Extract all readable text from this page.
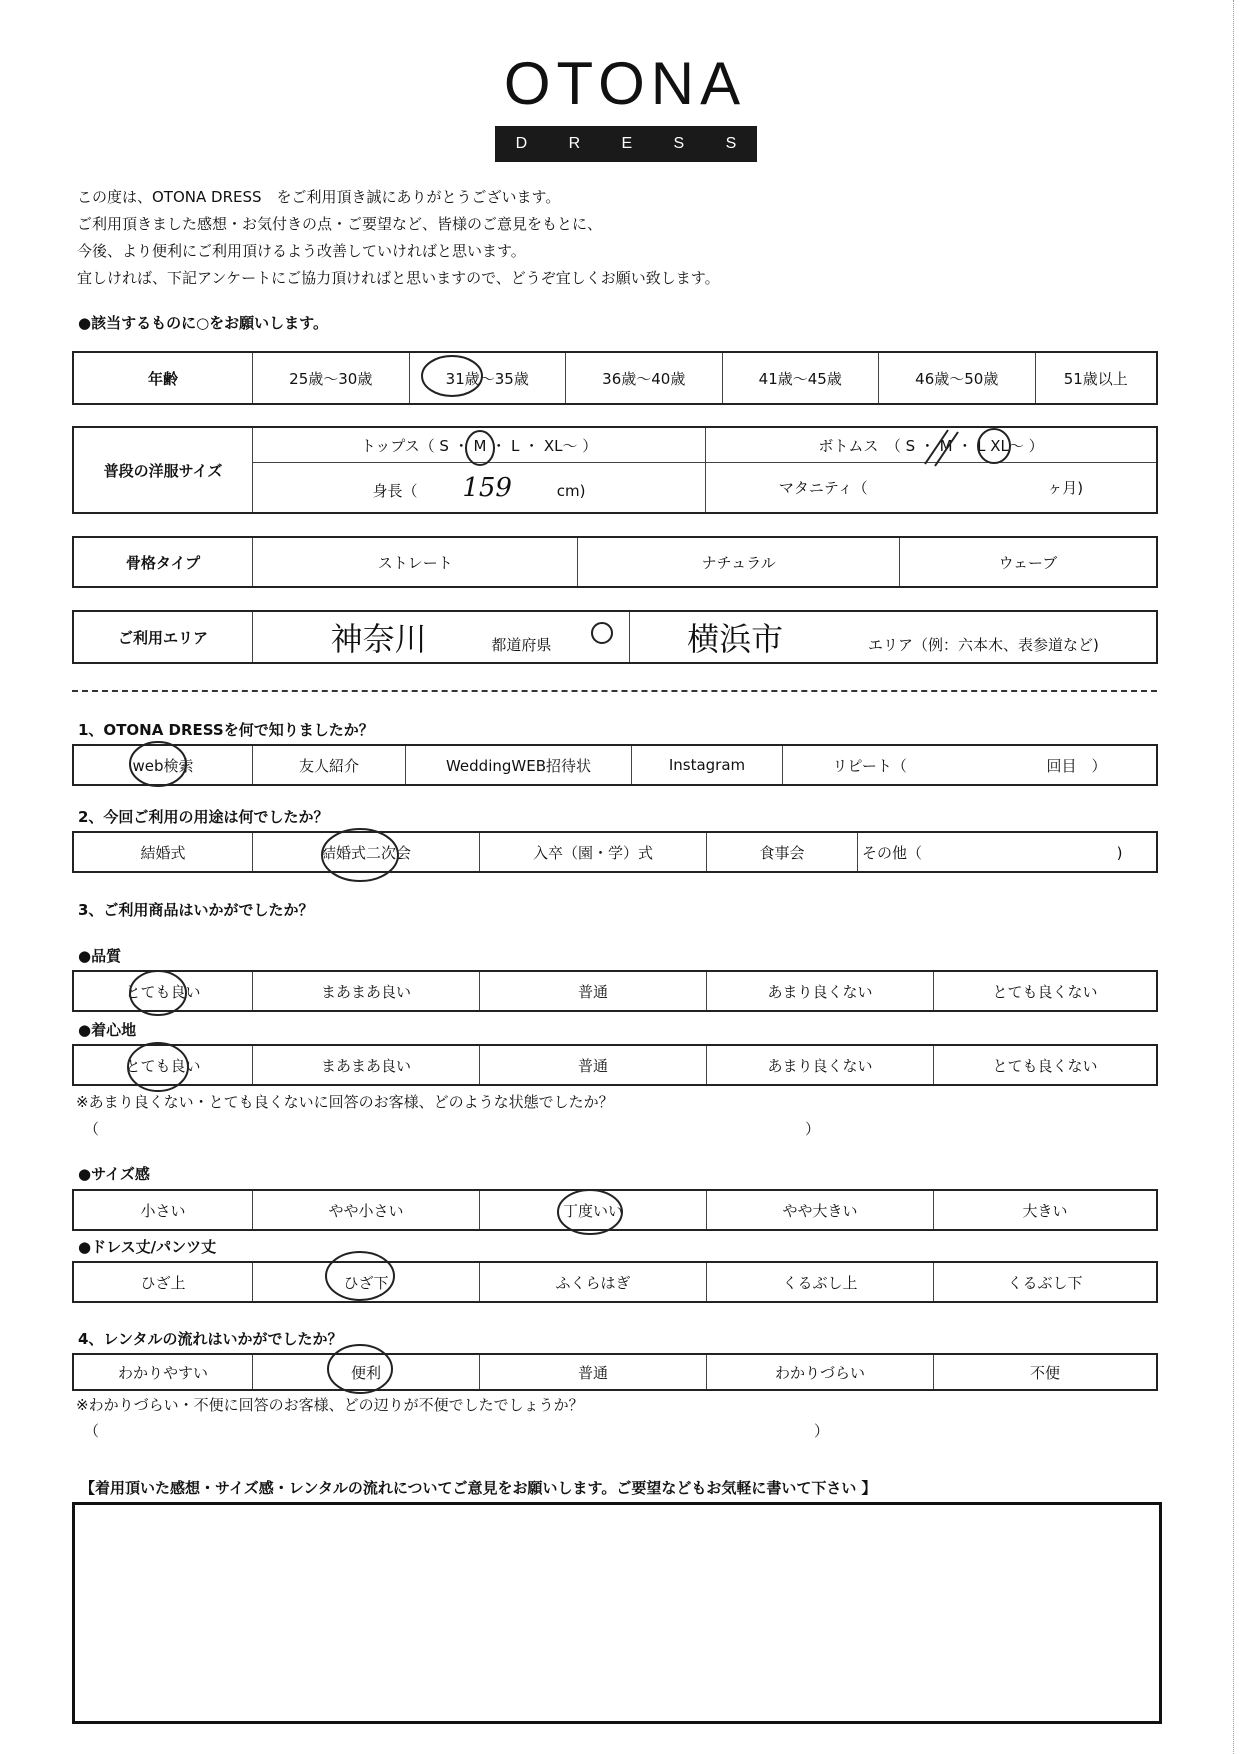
OTONA
D	R	E	S	S
この度は、OTONA DRESS　をご利用頂き誠にありがとうございます。
ご利用頂きました感想・お気付きの点・ご要望など、皆様のご意見をもとに、
今後、より便利にご利用頂けるよう改善していければと思います。
宜しければ、下記アンケートにご協力頂ければと思いますので、どうぞ宜しくお願い致します。
●該当するものに○をお願いします。
年齢	25歳～30歳	31歳～35歳	36歳～40歳	41歳～45歳	46歳～50歳	51歳以上
普段の洋服サイズ	トップス（ S ・ M ・ L ・ XL～ ）	ボトムス　（ S ・ M ・ L XL～ ）
	身長（ 159 cm)	マタニティ（ ヶ月)
骨格タイプ	ストレート	ナチュラル	ウェーブ
ご利用エリア	神奈川	都道府県	横浜市	エリア（例：六本木、表参道など)
1、OTONA DRESSを何で知りましたか？
web検索	友人紹介	WeddingWEB招待状	Instagram	リピート（	回目　）
2、今回ご利用の用途は何でしたか？
結婚式	結婚式二次会	入卒（園・学）式	食事会	その他（	)
3、ご利用商品はいかがでしたか？
●品質
とても良い	まあまあ良い	普通	あまり良くない	とても良くない
●着心地
とても良い	まあまあ良い	普通	あまり良くない	とても良くない
※あまり良くない・とても良くないに回答のお客様、どのような状態でしたか？
（	）
●サイズ感
小さい	やや小さい	丁度いい	やや大きい	大きい
●ドレス丈/パンツ丈
ひざ上	ひざ下	ふくらはぎ	くるぶし上	くるぶし下
4、レンタルの流れはいかがでしたか？
わかりやすい	便利	普通	わかりづらい	不便
※わかりづらい・不便に回答のお客様、どの辺りが不便でしたでしょうか？
（	）
【着用頂いた感想・サイズ感・レンタルの流れについてご意見をお願いします。ご要望などもお気軽に書いて下さい 】
